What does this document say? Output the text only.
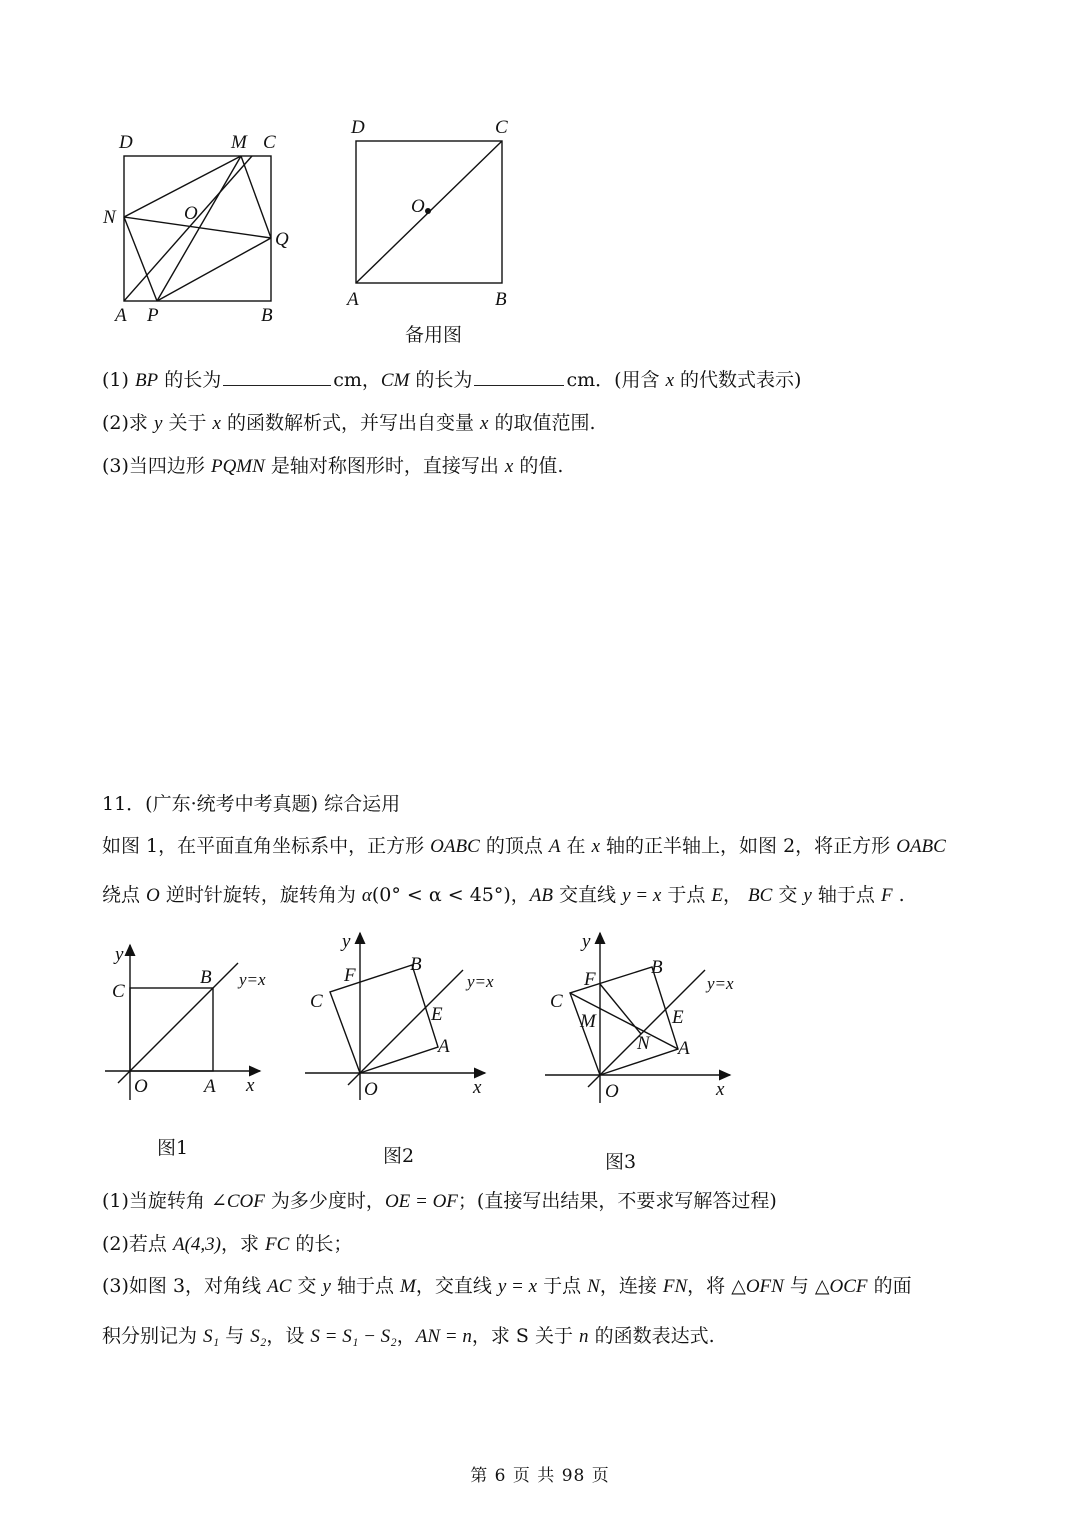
D	M C
N	O
Q
A P	B
D	C
O
A	B
备用图
(1) BP 的长为	cm，CM 的长为	cm．(用含 x 的代数式表示)
(2)求 y 关于 x 的函数解析式，并写出自变量 x 的取值范围.
(3)当四边形 PQMN 是轴对称图形时，直接写出 x 的值.
11．(广东·统考中考真题) 综合运用
如图 1，在平面直角坐标系中，正方形 OABC 的顶点 A 在 x 轴的正半轴上，如图 2，将正方形 OABC
绕点 O 逆时针旋转，旋转角为 α(0° < α < 45°)，AB 交直线 y = x 于点 E， BC 交 y 轴于点 F .
y
C
B y=x
O	A x
图1
y
F
B
C
y=x
E
A
O	x
图2
y
F
B
C
M
y=x
E
N A
O	x
图3
(1)当旋转角 ∠COF 为多少度时，OE = OF；(直接写出结果，不要求写解答过程)
(2)若点 A(4,3)，求 FC 的长；
(3)如图 3，对角线 AC 交 y 轴于点 M，交直线 y = x 于点 N，连接 FN，将 △OFN 与 △OCF 的面
积分别记为 S₁ 与 S₂，设 S = S₁ − S₂，AN = n，求 S 关于 n 的函数表达式.
第 6 页 共 98 页
